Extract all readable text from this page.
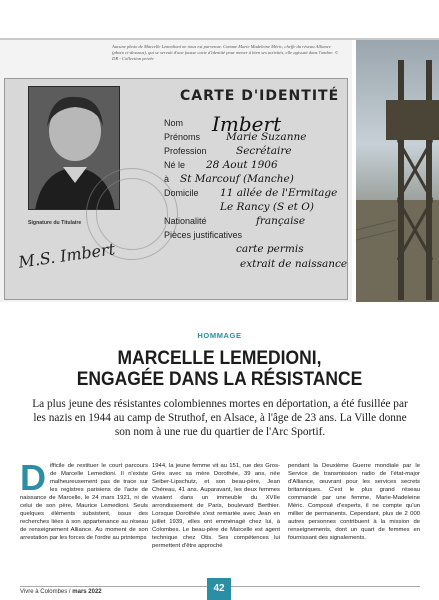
Aucune photo de Marcelle Lemedioni ne nous est parvenue. Comme Marie Madeleine Méric, cheffe du réseau Alliance (photo ci-dessous), qui se servait d'une fausse carte d'identité pour mener à bien ses activités, elle agissait dans l'ombre. © DR - Collection privée
CARTE D'IDENTITÉ
Nom
Prénoms
Profession
Né le
à
Domicile
Nationalité
Pièces justificatives
Imbert
Marie Suzanne
Secrétaire
28 Aout 1906
St Marcouf (Manche)
11 allée de l'Ermitage
Le Rancy (S et O)
française
carte permis
extrait de naissance
Signature du Titulaire
M.S. Imbert
HOMMAGE
MARCELLE LEMEDIONI,
ENGAGÉE DANS LA RÉSISTANCE
La plus jeune des résistantes colombiennes mortes en déportation, a été fusillée par les nazis en 1944 au camp de Struthof, en Alsace, à l'âge de 23 ans. La Ville donne son nom à une rue du quartier de l'Arc Sportif.
D ifficile de restituer le court parcours de Marcelle Lemedioni. Il n'existe malheureusement pas de trace sur les registres parisiens de l'acte de naissance de Marcelle, le 24 mars 1921, ni de celui de son père, Maurice Lemedioni. Seuls quelques éléments subsistent, issus des recherches liées à son appartenance au réseau de renseignement Alliance. Au moment de son arrestation par les forces de l'ordre au printemps
1944, la jeune femme vit au 151, rue des Gros-Grès avec sa mère Dorothée, 39 ans, née Seiber-Lipschutz, et son beau-père, Jean Chéreau, 41 ans. Auparavant, les deux femmes vivaient dans un immeuble du XVIIe arrondissement de Paris, boulevard Berthier. Lorsque Dorothée s'est remariée avec Jean en juillet 1939, elles ont emménagé chez lui, à Colombes. Le beau-père de Marcelle est agent technique chez Otis. Ses compétences lui permettent d'être approché
pendant la Deuxième Guerre mondiale par le Service de transmission radio de l'état-major d'Alliance, œuvrant pour les services secrets britanniques. C'est le plus grand réseau commandé par une femme, Marie-Madeleine Méric. Composé d'experts, il ne compte qu'un millier de permanents. Cependant, plus de 2 000 autres personnes contribuent à la mission de renseignements, dont un quart de femmes en fournissant des signalements.
Vivre à Colombes / mars 2022	42
